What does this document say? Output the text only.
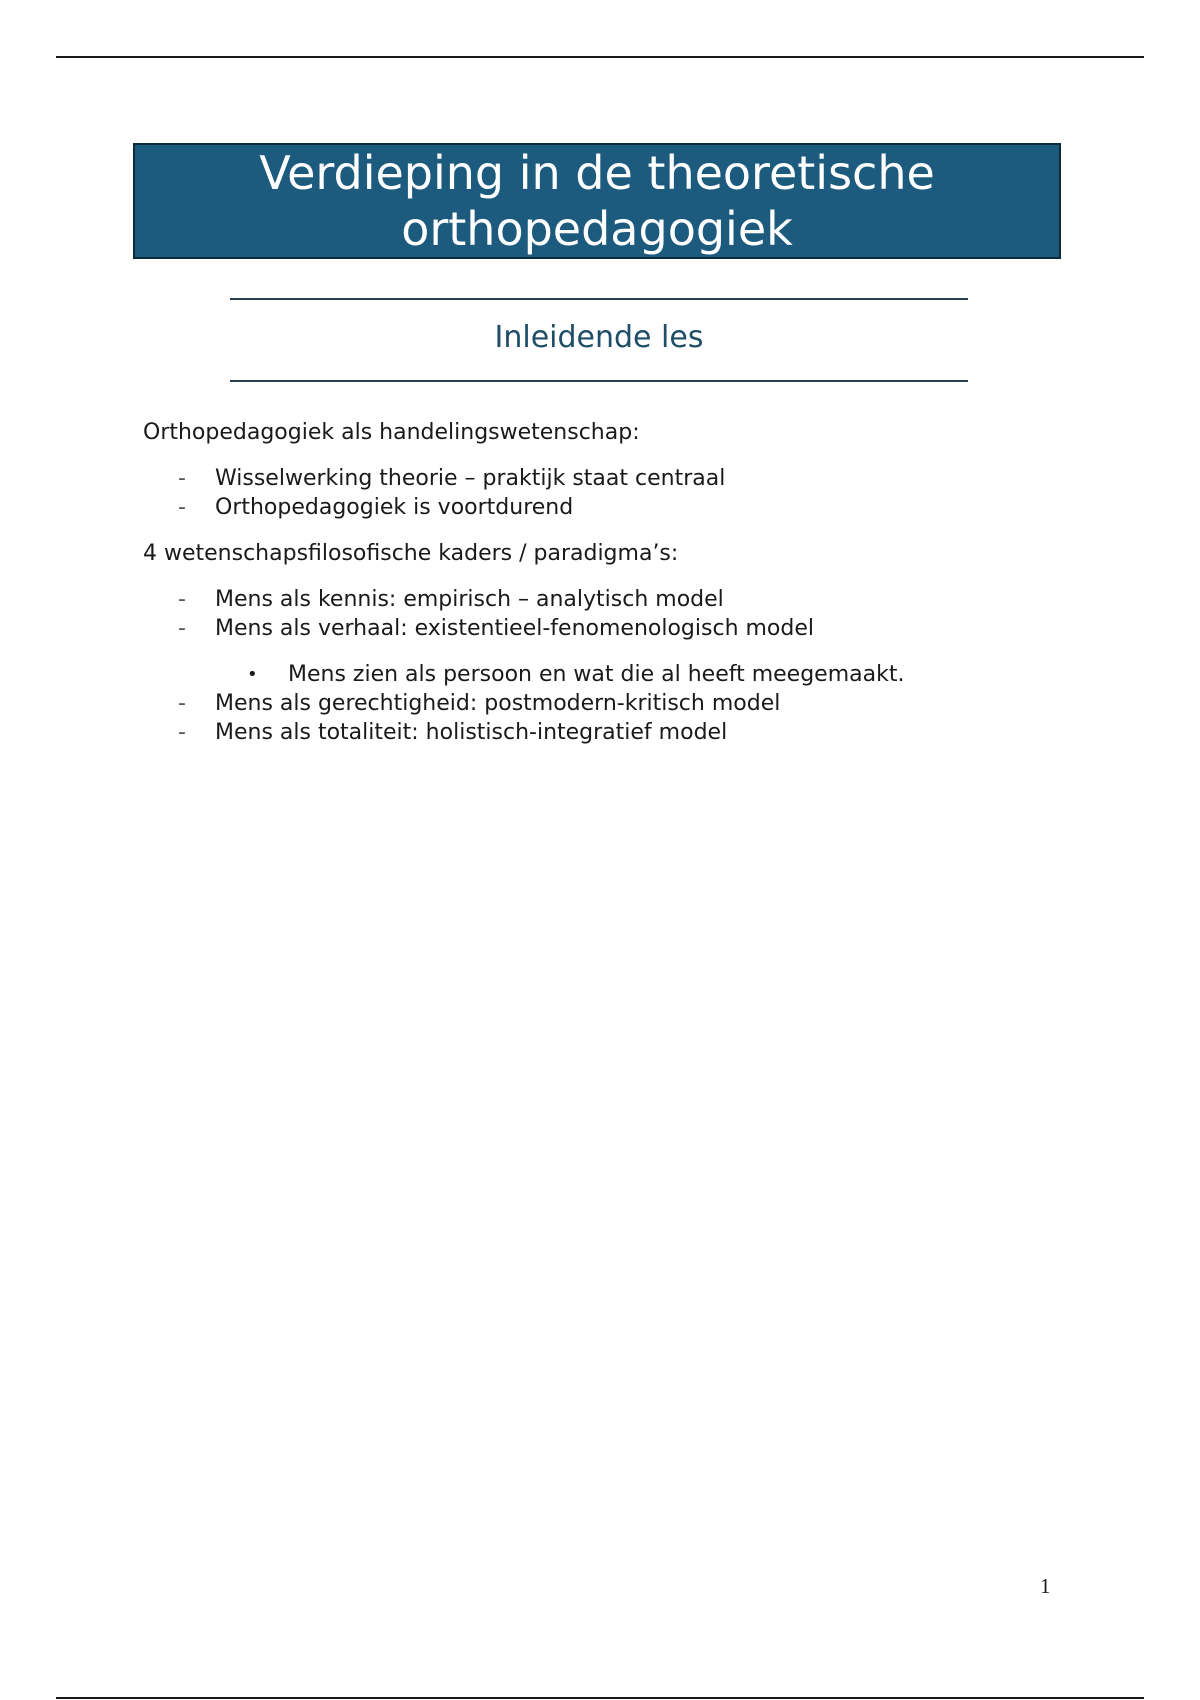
Verdieping in de theoretische
orthopedagogiek
Inleidende les

Orthopedagogiek als handelingswetenschap:

- Wisselwerking theorie – praktijk staat centraal
- Orthopedagogiek is voortdurend

4 wetenschapsfilosofische kaders / paradigma’s:

- Mens als kennis: empirisch – analytisch model
- Mens als verhaal: existentieel-fenomenologisch model
• Mens zien als persoon en wat die al heeft meegemaakt.
- Mens als gerechtigheid: postmodern-kritisch model
- Mens als totaliteit: holistisch-integratief model
1
